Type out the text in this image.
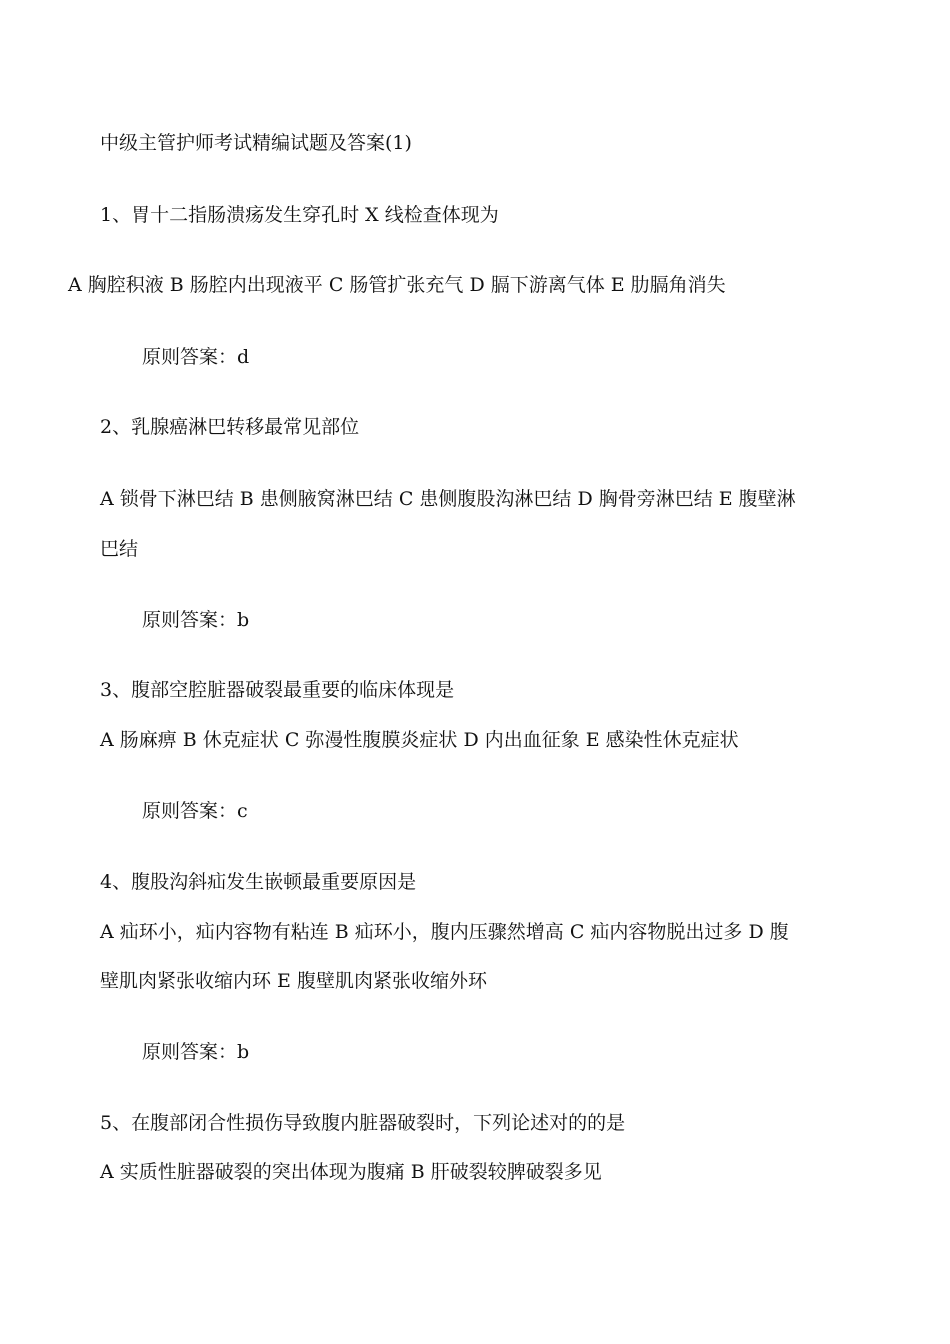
中级主管护师考试精编试题及答案(1)
1、胃十二指肠溃疡发生穿孔时 X 线检查体现为
A 胸腔积液 B 肠腔内出现液平 C 肠管扩张充气 D 膈下游离气体 E 肋膈角消失
原则答案：d
2、乳腺癌淋巴转移最常见部位
A 锁骨下淋巴结 B 患侧腋窝淋巴结 C 患侧腹股沟淋巴结 D 胸骨旁淋巴结 E 腹壁淋
巴结
原则答案：b
3、腹部空腔脏器破裂最重要的临床体现是
A 肠麻痹 B 休克症状 C 弥漫性腹膜炎症状 D 内出血征象 E 感染性休克症状
原则答案：c
4、腹股沟斜疝发生嵌顿最重要原因是
A 疝环小，疝内容物有粘连 B 疝环小，腹内压骤然增高 C 疝内容物脱出过多 D 腹
壁肌肉紧张收缩内环 E 腹壁肌肉紧张收缩外环
原则答案：b
5、在腹部闭合性损伤导致腹内脏器破裂时，下列论述对的的是
A 实质性脏器破裂的突出体现为腹痛 B 肝破裂较脾破裂多见
